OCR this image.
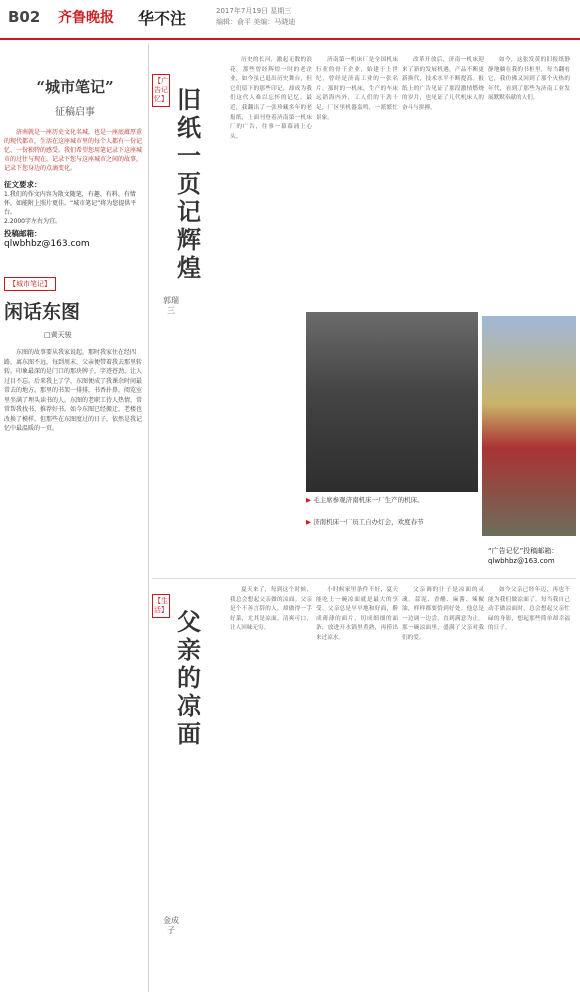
B02 齐鲁晚报 华不注	2017年7月19日 星期三
编辑：俞平 美编：马晓迪
“城市笔记”
征稿启事
济南就是一座历史文化名城，也是一座底蕴厚重的现代都市，生活在这座城市里的每个人都有一份记忆、一份独特的感受。我们希望您用笔记录下这座城市的过往与现在，记录下您与这座城市之间的故事，记录下您身边的点滴变化。
征文要求：
1.我们的作文内容为散文随笔，有趣、有料、有情怀，如能附上照片更佳。“城市笔记”将为您提供平台。
2.2000字左右为宜。
投稿邮箱：
qlwbhbz@163.com
【城市笔记】
闲话东图
□黄天骏
东图的故事要从我家说起。那时我家住在经四路，离东图不远，每到周末，父亲便带着我去那里转转。印象最深的是门口的那块牌子，字迹苍劲，让人过目不忘。后来我上了学，东图便成了我课余时间最常去的地方。那里的书架一排排，书香扑鼻，阅览室里坐满了埋头读书的人。东图的老职工待人热情，常常帮我找书、推荐好书。如今东图已经搬迁，老楼也改换了模样，但那些在东图度过的日子，依然是我记忆中最温暖的一页。
【广告记忆】 旧纸一页记辉煌
郭瑞三
历史的长河，激起无数的浪花。那些曾经辉煌一时的老企业，如今虽已退出历史舞台，但它们留下的那些印记，却成为我们这代人难以忘怀的记忆。最近，我翻出了一张珍藏多年的老报纸，上面刊登着济南第一机床厂的广告，往事一幕幕涌上心头。
济南第一机床厂是全国机床行业的骨干企业，始建于上世纪，曾经是济南工业的一张名片。那时的一机床，生产的车床远销海内外，工人们的干劲十足，厂区里机器轰鸣，一派繁忙景象。
改革开放后，济南一机床迎来了新的发展机遇，产品不断更新换代，技术水平不断提高。报纸上的广告见证了那段激情燃烧的岁月，也见证了几代机床人的奋斗与拼搏。
如今，这张发黄的旧报纸静静地躺在我的书柜里，每当翻看它，我仿佛又回到了那个火热的年代，看到了那些为济南工业发展默默奉献的人们。
▶ 毛主席参观济南机床一厂生产的机床。
▶ 济南机床一厂员工自办灯会，欢度春节
“广告记忆”投稿邮箱：
qlwbhbz@163.com
【生活】 父亲的凉面
金成子
夏天来了，每到这个时候，我总会想起父亲做的凉面。父亲是个不善言辞的人，却做得一手好菜，尤其是凉面，清爽可口，让人回味无穷。
小时候家里条件不好，夏天能吃上一碗凉面就是最大的享受。父亲总是早早地和好面，擀成薄薄的面片，切成细细的面条，放进开水锅里煮熟，再捞出来过凉水。
父亲调的汁子是凉面的灵魂。蒜泥、香醋、麻酱、辣椒油，样样都要恰到好处。他总是一边调一边尝，直到满意为止。那一碗凉面里，盛满了父亲对我们的爱。
如今父亲已经年迈，再也不能为我们做凉面了。每当我自己动手做凉面时，总会想起父亲忙碌的身影，想起那些简单却幸福的日子。
